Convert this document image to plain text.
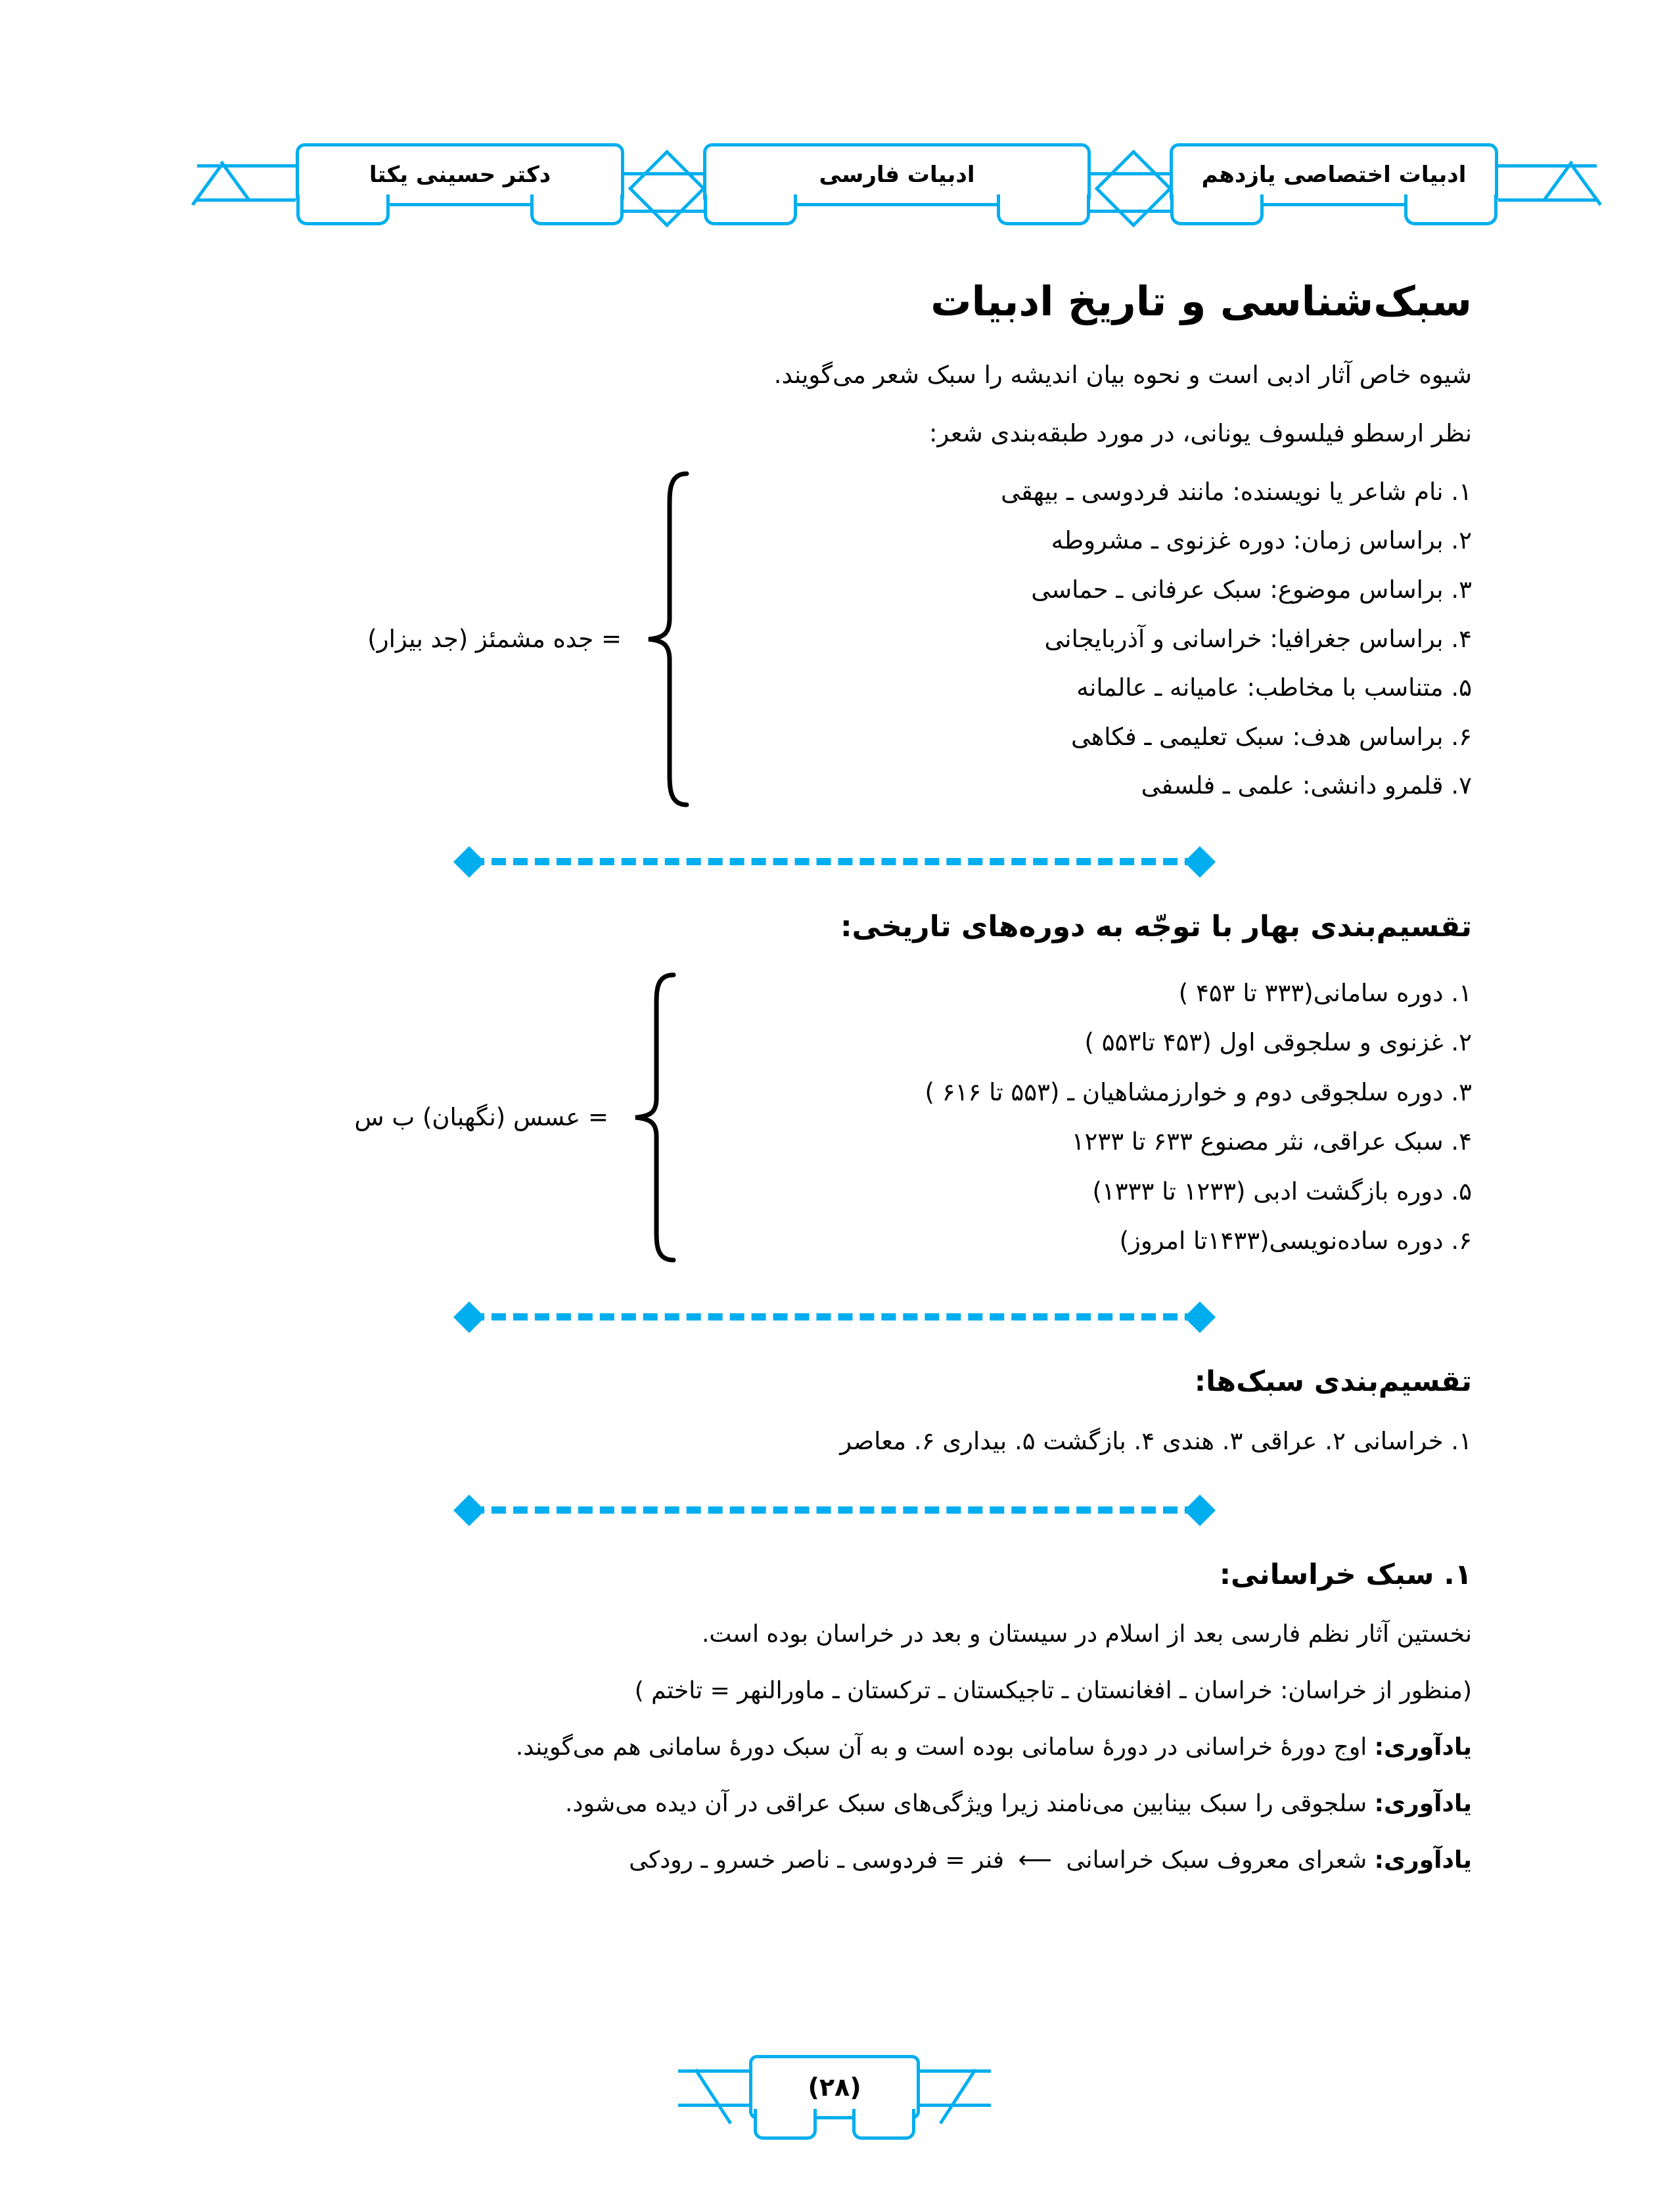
دکتر حسینی یکتا	ادبیات فارسی	ادبیات اختصاصی یازدهم
سبک‌شناسی و تاریخ ادبیات

شیوه خاص آثار ادبی است و نحوه بیان اندیشه را سبک شعر می‌گویند.

نظر ارسطو فیلسوف یونانی، در مورد طبقه‌بندی شعر:

۱. نام شاعر یا نویسنده: مانند فردوسی ـ بیهقی
۲. براساس زمان: دوره غزنوی ـ مشروطه
۳. براساس موضوع: سبک عرفانی ـ حماسی
۴. براساس جغرافیا: خراسانی و آذربایجانی
۵. متناسب با مخاطب: عامیانه ـ عالمانه
۶. براساس هدف: سبک تعلیمی ـ فکاهی
۷. قلمرو دانشی: علمی ـ فلسفی
= جده مشمئز (جد بیزار)
تقسیم‌بندی بهار با توجّه به دوره‌های تاریخی:
۱. دوره سامانی(۳۳۳ تا ۴۵۳ )
۲. غزنوی و سلجوقی اول (۴۵۳ تا۵۵۳ )
۳. دوره سلجوقی دوم و خوارزمشاهیان ـ (۵۵۳ تا ۶۱۶ )
۴. سبک عراقی، نثر مصنوع ۶۳۳ تا ۱۲۳۳
۵. دوره بازگشت ادبی (۱۲۳۳ تا ۱۳۳۳)
۶. دوره ساده‌نویسی(۱۴۳۳تا امروز)
= عسس (نگهبان) ب س
تقسیم‌بندی سبک‌ها:
۱. خراسانی ۲. عراقی ۳. هندی ۴. بازگشت ۵. بیداری ۶. معاصر
۱. سبک خراسانی:

نخستین آثار نظم فارسی بعد از اسلام در سیستان و بعد در خراسان بوده است.

(منظور از خراسان: خراسان ـ افغانستان ـ تاجیکستان ـ ترکستان ـ ماورالنهر = تاختم )

یادآوری: اوج دورهٔ خراسانی در دورهٔ سامانی بوده است و به آن سبک دورهٔ سامانی هم می‌گویند.

یادآوری: سلجوقی را سبک بینابین می‌نامند زیرا ویژگی‌های سبک عراقی در آن دیده می‌شود.

یادآوری: شعرای معروف سبک خراسانی ⟵ فنر = فردوسی ـ ناصر خسرو ـ رودکی

(۲۸)
